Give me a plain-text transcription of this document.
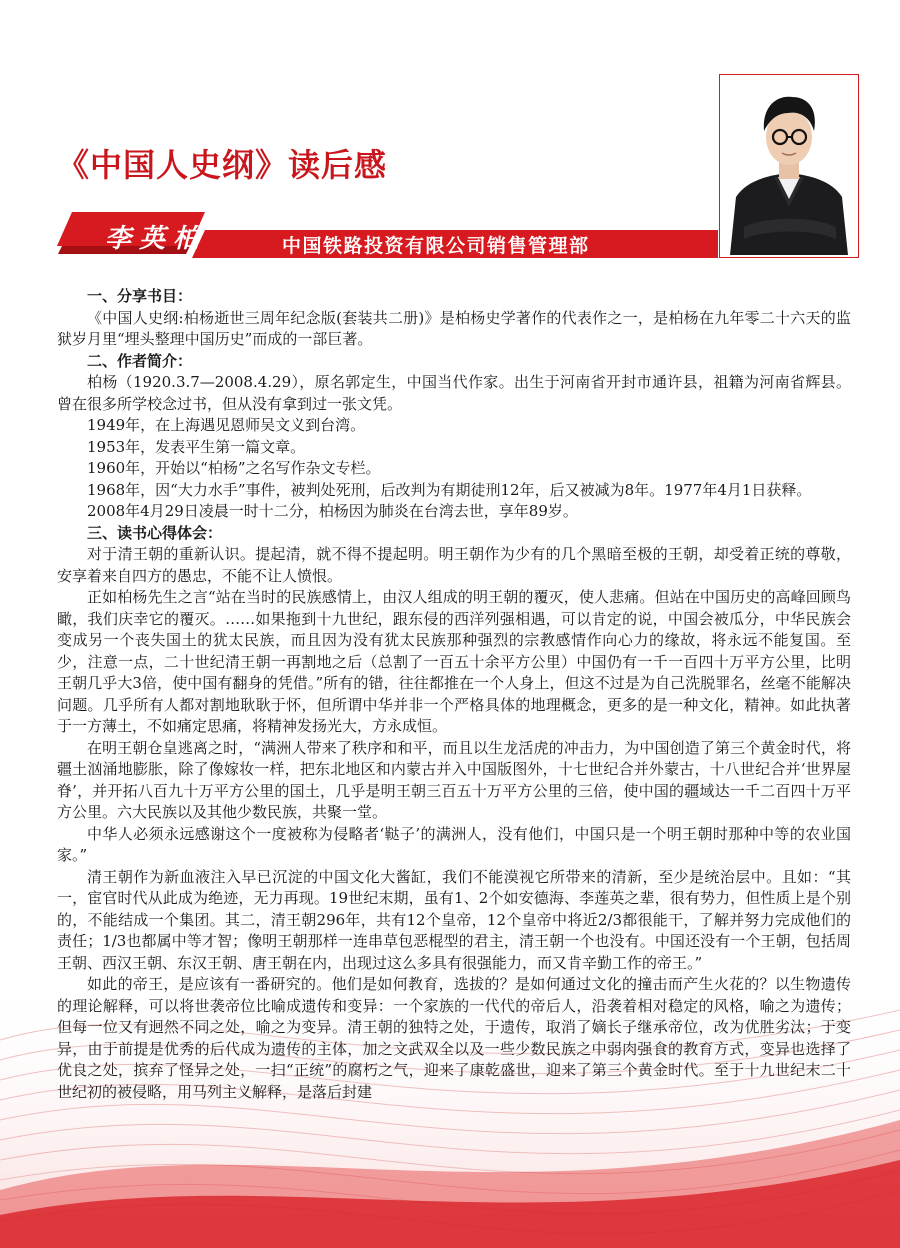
《中国人史纲》读后感
李英柏	中国铁路投资有限公司销售管理部

一、分享书目：

《中国人史纲:柏杨逝世三周年纪念版(套装共二册)》是柏杨史学著作的代表作之一，是柏杨在九年零二十六天的监狱岁月里“埋头整理中国历史”而成的一部巨著。

二、作者简介：

柏杨（1920.3.7—2008.4.29），原名郭定生，中国当代作家。出生于河南省开封市通许县，祖籍为河南省辉县。曾在很多所学校念过书，但从没有拿到过一张文凭。

1949年，在上海遇见恩师吴文义到台湾。

1953年，发表平生第一篇文章。

1960年，开始以“柏杨”之名写作杂文专栏。

1968年，因“大力水手”事件，被判处死刑，后改判为有期徒刑12年，后又被减为8年。1977年4月1日获释。

2008年4月29日凌晨一时十二分，柏杨因为肺炎在台湾去世，享年89岁。

三、读书心得体会：

对于清王朝的重新认识。提起清，就不得不提起明。明王朝作为少有的几个黑暗至极的王朝，却受着正统的尊敬，安享着来自四方的愚忠，不能不让人愤恨。

正如柏杨先生之言“站在当时的民族感情上，由汉人组成的明王朝的覆灭，使人悲痛。但站在中国历史的高峰回顾鸟瞰，我们庆幸它的覆灭。……如果拖到十九世纪，跟东侵的西洋列强相遇，可以肯定的说，中国会被瓜分，中华民族会变成另一个丧失国土的犹太民族，而且因为没有犹太民族那种强烈的宗教感情作向心力的缘故，将永远不能复国。至少，注意一点，二十世纪清王朝一再割地之后（总割了一百五十余平方公里）中国仍有一千一百四十万平方公里，比明王朝几乎大3倍，使中国有翻身的凭借。”所有的错，往往都推在一个人身上，但这不过是为自己洗脱罪名，丝毫不能解决问题。几乎所有人都对割地耿耿于怀，但所谓中华并非一个严格具体的地理概念，更多的是一种文化，精神。如此执著于一方薄土，不如痛定思痛，将精神发扬光大，方永成恒。

在明王朝仓皇逃离之时，“满洲人带来了秩序和和平，而且以生龙活虎的冲击力，为中国创造了第三个黄金时代，将疆土汹涌地膨胀，除了像嫁妆一样，把东北地区和内蒙古并入中国版图外，十七世纪合并外蒙古，十八世纪合并‘世界屋脊’，并开拓八百九十万平方公里的国土，几乎是明王朝三百五十万平方公里的三倍，使中国的疆域达一千二百四十万平方公里。六大民族以及其他少数民族，共聚一堂。

中华人必须永远感谢这个一度被称为侵略者‘鞑子’的满洲人，没有他们，中国只是一个明王朝时那种中等的农业国家。”

清王朝作为新血液注入早已沉淀的中国文化大酱缸，我们不能漠视它所带来的清新，至少是统治层中。且如：“其一，宦官时代从此成为绝迹，无力再现。19世纪末期，虽有1、2个如安德海、李莲英之辈，很有势力，但性质上是个别的，不能结成一个集团。其二，清王朝296年，共有12个皇帝，12个皇帝中将近2/3都很能干，了解并努力完成他们的责任；1/3也都属中等才智；像明王朝那样一连串草包恶棍型的君主，清王朝一个也没有。中国还没有一个王朝，包括周王朝、西汉王朝、东汉王朝、唐王朝在内，出现过这么多具有很强能力，而又肯辛勤工作的帝王。”

如此的帝王，是应该有一番研究的。他们是如何教育，选拔的？是如何通过文化的撞击而产生火花的？以生物遗传的理论解释，可以将世袭帝位比喻成遗传和变异：一个家族的一代代的帝后人，沿袭着相对稳定的风格，喻之为遗传；但每一位又有迥然不同之处，喻之为变异。清王朝的独特之处，于遗传，取消了嫡长子继承帝位，改为优胜劣汰；于变异，由于前提是优秀的后代成为遗传的主体，加之文武双全以及一些少数民族之中弱肉强食的教育方式，变异也选择了优良之处，摈弃了怪异之处，一扫“正统”的腐朽之气，迎来了康乾盛世，迎来了第三个黄金时代。至于十九世纪末二十世纪初的被侵略，用马列主义解释，是落后封建
